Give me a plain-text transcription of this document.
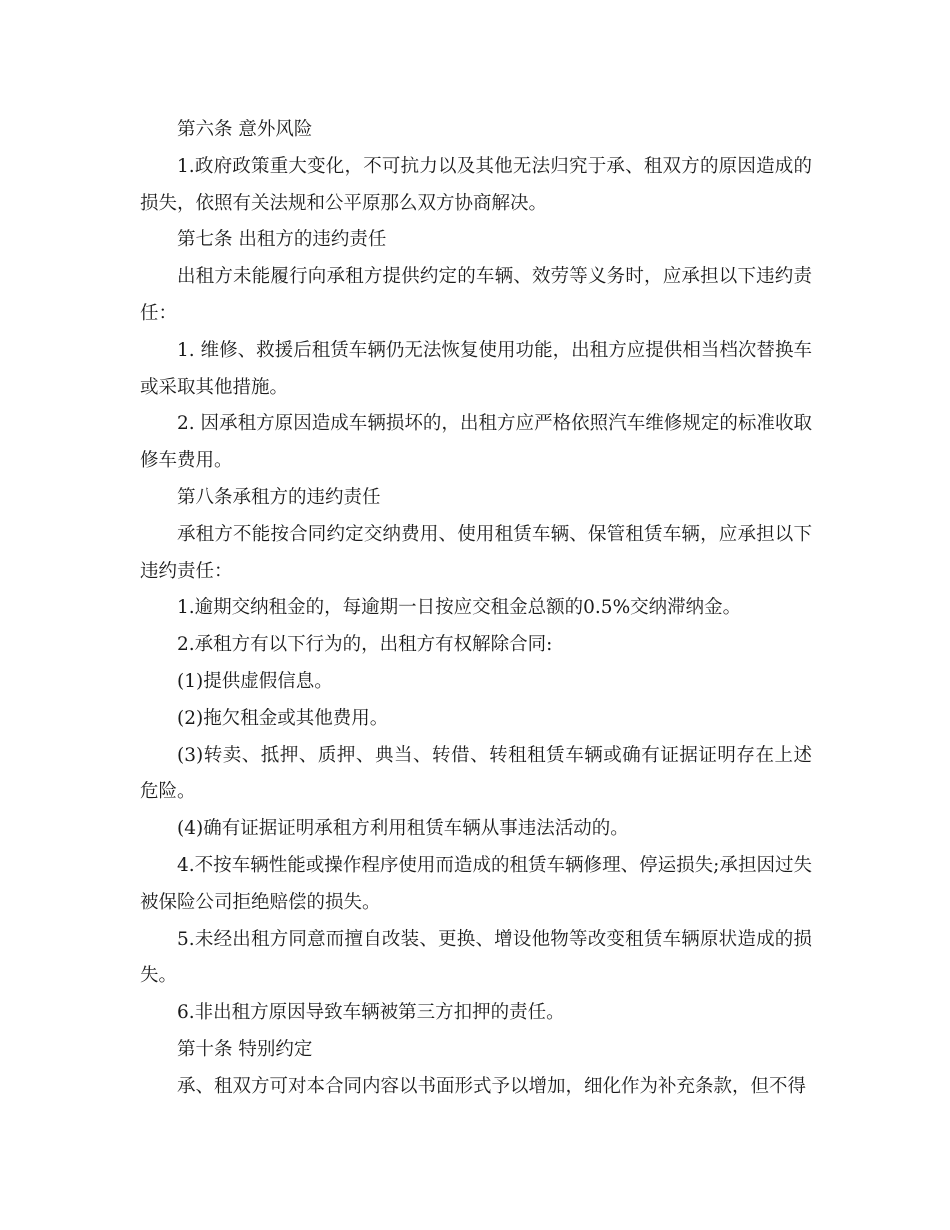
第六条 意外风险

1.政府政策重大变化，不可抗力以及其他无法归究于承、租双方的原因造成的损失，依照有关法规和公平原那么双方协商解决。

第七条 出租方的违约责任

出租方未能履行向承租方提供约定的车辆、效劳等义务时，应承担以下违约责任：

1. 维修、救援后租赁车辆仍无法恢复使用功能，出租方应提供相当档次替换车或采取其他措施。

2. 因承租方原因造成车辆损坏的，出租方应严格依照汽车维修规定的标准收取修车费用。

第八条承租方的违约责任

承租方不能按合同约定交纳费用、使用租赁车辆、保管租赁车辆，应承担以下违约责任：

1.逾期交纳租金的，每逾期一日按应交租金总额的0.5%交纳滞纳金。

2.承租方有以下行为的，出租方有权解除合同:

(1)提供虚假信息。

(2)拖欠租金或其他费用。

(3)转卖、抵押、质押、典当、转借、转租租赁车辆或确有证据证明存在上述危险。

(4)确有证据证明承租方利用租赁车辆从事违法活动的。

4.不按车辆性能或操作程序使用而造成的租赁车辆修理、停运损失;承担因过失被保险公司拒绝赔偿的损失。

5.未经出租方同意而擅自改装、更换、增设他物等改变租赁车辆原状造成的损失。

6.非出租方原因导致车辆被第三方扣押的责任。

第十条 特别约定

承、租双方可对本合同内容以书面形式予以增加，细化作为补充条款，但不得
